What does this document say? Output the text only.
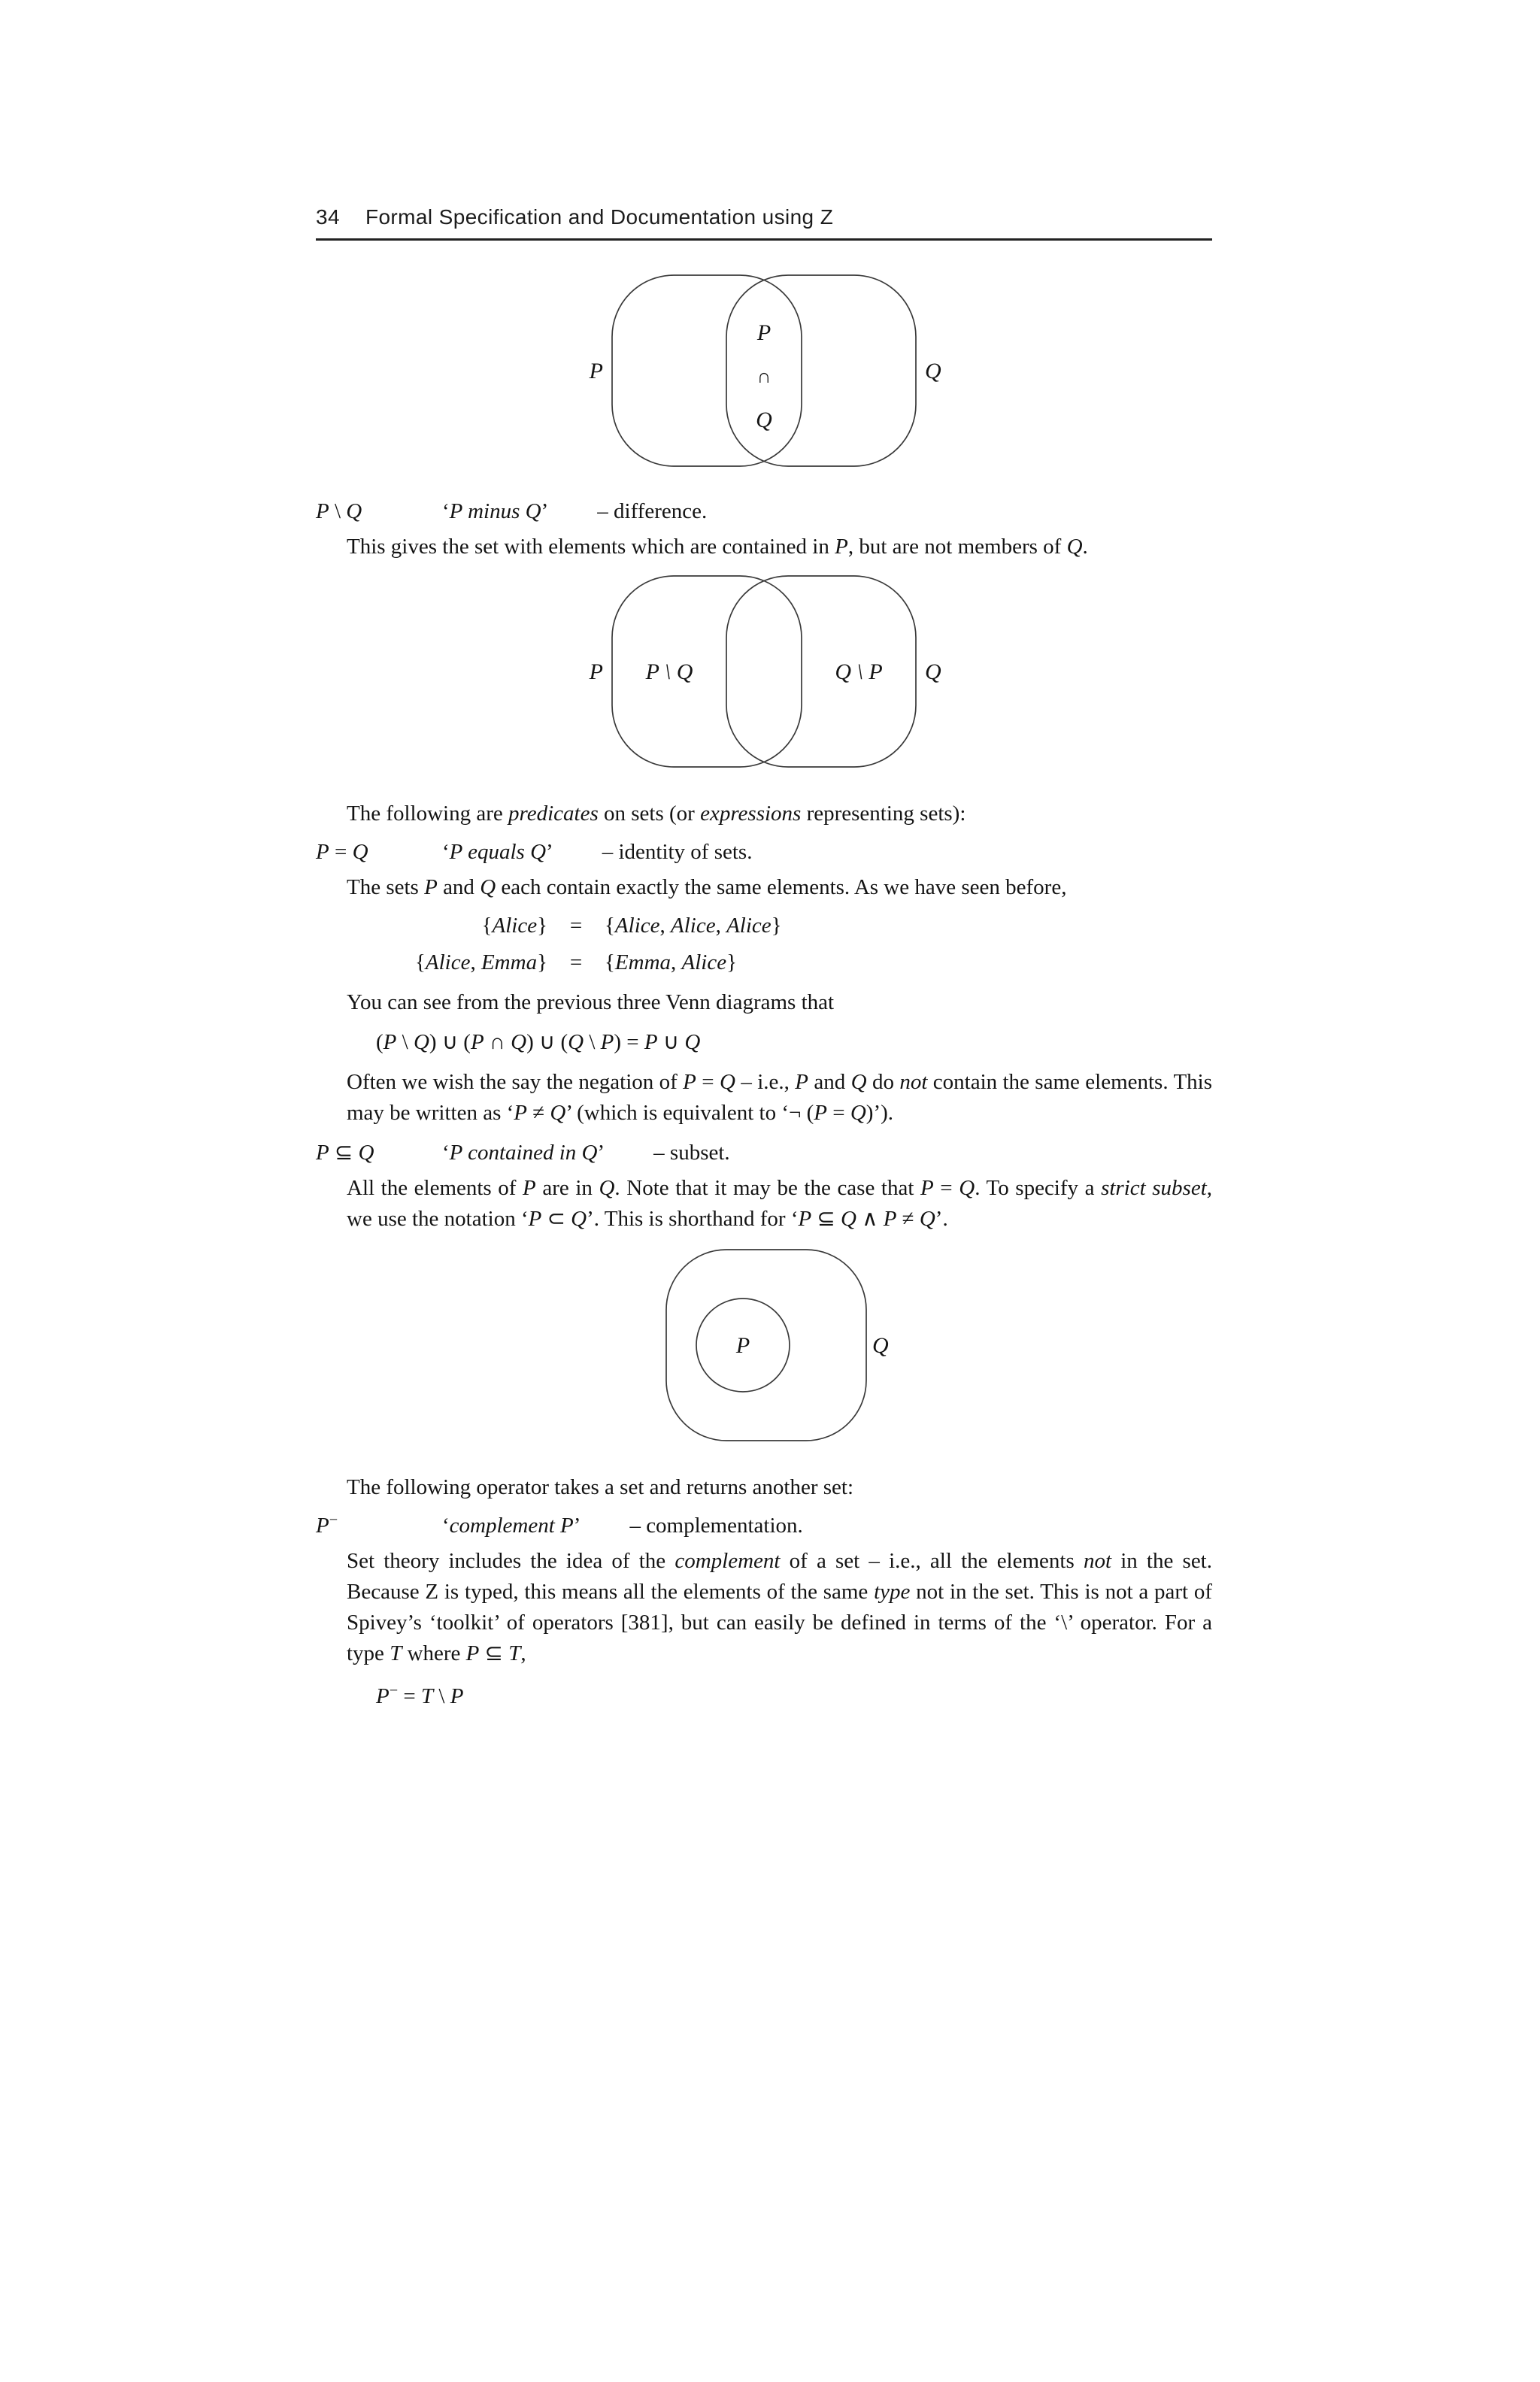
34 Formal Specification and Documentation using Z
P	Q
P
∩
Q
P \ Q	‘P minus Q’ – difference.

This gives the set with elements which are contained in P, but are not members of Q.

P	Q
P \ Q	Q \ P

The following are predicates on sets (or expressions representing sets):

P = Q	‘P equals Q’ – identity of sets.

The sets P and Q each contain exactly the same elements. As we have seen before,

{Alice}	=	{Alice, Alice, Alice}
{Alice, Emma}	=	{Emma, Alice}

You can see from the previous three Venn diagrams that

(P \ Q) ∪ (P ∩ Q) ∪ (Q \ P) = P ∪ Q

Often we wish the say the negation of P = Q – i.e., P and Q do not contain the same elements. This may be written as ‘P ≠ Q’ (which is equivalent to ‘¬ (P = Q)’).

P ⊆ Q	‘P contained in Q’ – subset.

All the elements of P are in Q. Note that it may be the case that P = Q. To specify a strict subset, we use the notation ‘P ⊂ Q’. This is shorthand for ‘P ⊆ Q ∧ P ≠ Q’.

P	Q

The following operator takes a set and returns another set:

P−	‘complement P’ – complementation.

Set theory includes the idea of the complement of a set – i.e., all the elements not in the set. Because Z is typed, this means all the elements of the same type not in the set. This is not a part of Spivey’s ‘toolkit’ of operators [381], but can easily be defined in terms of the ‘\’ operator. For a type T where P ⊆ T,

P− = T \ P
